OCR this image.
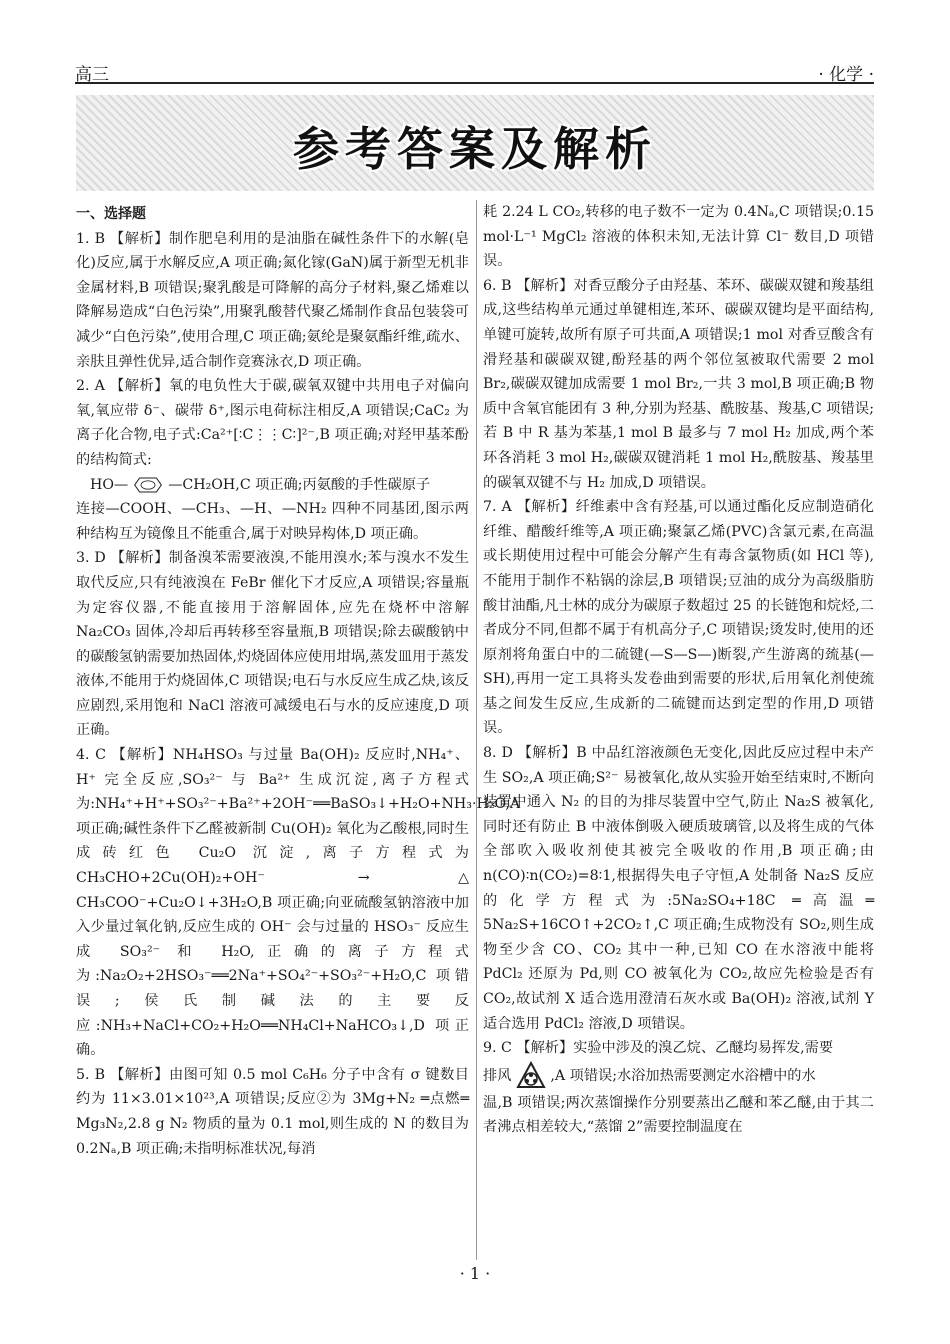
高三	· 化学 ·
参考答案及解析
一、选择题

1. B 【解析】制作肥皂利用的是油脂在碱性条件下的水解(皂化)反应,属于水解反应,A 项正确;氮化镓(GaN)属于新型无机非金属材料,B 项错误;聚乳酸是可降解的高分子材料,聚乙烯难以降解易造成“白色污染”,用聚乳酸替代聚乙烯制作食品包装袋可减少“白色污染”,使用合理,C 项正确;氨纶是聚氨酯纤维,疏水、亲肤且弹性优异,适合制作竞赛泳衣,D 项正确。

2. A 【解析】氧的电负性大于碳,碳氧双键中共用电子对偏向氧,氧应带 δ⁻、碳带 δ⁺,图示电荷标注相反,A 项错误;CaC₂ 为离子化合物,电子式:Ca²⁺[∶C⋮⋮C∶]²⁻,B 项正确;对羟甲基苯酚的结构简式:

HO—	—CH₂OH,C 项正确;丙氨酸的手性碳原子

连接—COOH、—CH₃、—H、—NH₂ 四种不同基团,图示两种结构互为镜像且不能重合,属于对映异构体,D 项正确。

3. D 【解析】制备溴苯需要液溴,不能用溴水;苯与溴水不发生取代反应,只有纯液溴在 FeBr 催化下才反应,A 项错误;容量瓶为定容仪器,不能直接用于溶解固体,应先在烧杯中溶解 Na₂CO₃ 固体,冷却后再转移至容量瓶,B 项错误;除去碳酸钠中的碳酸氢钠需要加热固体,灼烧固体应使用坩埚,蒸发皿用于蒸发液体,不能用于灼烧固体,C 项错误;电石与水反应生成乙炔,该反应剧烈,采用饱和 NaCl 溶液可减缓电石与水的反应速度,D 项正确。

4. C 【解析】NH₄HSO₃ 与过量 Ba(OH)₂ 反应时,NH₄⁺、H⁺ 完全反应,SO₃²⁻ 与 Ba²⁺ 生成沉淀,离子方程式为:NH₄⁺+H⁺+SO₃²⁻+Ba²⁺+2OH⁻══BaSO₃↓+H₂O+NH₃·H₂O,A 项正确;碱性条件下乙醛被新制 Cu(OH)₂ 氧化为乙酸根,同时生成砖红色 Cu₂O 沉淀,离子方程式为 CH₃CHO+2Cu(OH)₂+OH⁻ →△ CH₃COO⁻+Cu₂O↓+3H₂O,B 项正确;向亚硫酸氢钠溶液中加入少量过氧化钠,反应生成的 OH⁻ 会与过量的 HSO₃⁻ 反应生成 SO₃²⁻ 和 H₂O,正确的离子方程式为:Na₂O₂+2HSO₃⁻══2Na⁺+SO₄²⁻+SO₃²⁻+H₂O,C 项错误;侯氏制碱法的主要反应:NH₃+NaCl+CO₂+H₂O══NH₄Cl+NaHCO₃↓,D 项正确。

5. B 【解析】由图可知 0.5 mol C₆H₆ 分子中含有 σ 键数目约为 11×3.01×10²³,A 项错误;反应②为 3Mg+N₂ ═点燃═ Mg₃N₂,2.8 g N₂ 物质的量为 0.1 mol,则生成的 N 的数目为 0.2Nₐ,B 项正确;未指明标准状况,每消

耗 2.24 L CO₂,转移的电子数不一定为 0.4Nₐ,C 项错误;0.15 mol·L⁻¹ MgCl₂ 溶液的体积未知,无法计算 Cl⁻ 数目,D 项错误。

6. B 【解析】对香豆酸分子由羟基、苯环、碳碳双键和羧基组成,这些结构单元通过单键相连,苯环、碳碳双键均是平面结构,单键可旋转,故所有原子可共面,A 项错误;1 mol 对香豆酸含有滑羟基和碳碳双键,酚羟基的两个邻位氢被取代需要 2 mol Br₂,碳碳双键加成需要 1 mol Br₂,一共 3 mol,B 项正确;B 物质中含氧官能团有 3 种,分别为羟基、酰胺基、羧基,C 项错误;若 B 中 R 基为苯基,1 mol B 最多与 7 mol H₂ 加成,两个苯环各消耗 3 mol H₂,碳碳双键消耗 1 mol H₂,酰胺基、羧基里的碳氧双键不与 H₂ 加成,D 项错误。

7. A 【解析】纤维素中含有羟基,可以通过酯化反应制造硝化纤维、醋酸纤维等,A 项正确;聚氯乙烯(PVC)含氯元素,在高温或长期使用过程中可能会分解产生有毒含氯物质(如 HCl 等),不能用于制作不粘锅的涂层,B 项错误;豆油的成分为高级脂肪酸甘油酯,凡士林的成分为碳原子数超过 25 的长链饱和烷烃,二者成分不同,但都不属于有机高分子,C 项错误;烫发时,使用的还原剂将角蛋白中的二硫键(—S—S—)断裂,产生游离的巯基(—SH),再用一定工具将头发卷曲到需要的形状,后用氧化剂使巯基之间发生反应,生成新的二硫键而达到定型的作用,D 项错误。

8. D 【解析】B 中品红溶液颜色无变化,因此反应过程中未产生 SO₂,A 项正确;S²⁻ 易被氧化,故从实验开始至结束时,不断向装置中通入 N₂ 的目的为排尽装置中空气,防止 Na₂S 被氧化,同时还有防止 B 中液体倒吸入硬质玻璃管,以及将生成的气体全部吹入吸收剂使其被完全吸收的作用,B 项正确;由 n(CO)∶n(CO₂)=8∶1,根据得失电子守恒,A 处制备 Na₂S 反应的化学方程式为:5Na₂SO₄+18C ═高温═ 5Na₂S+16CO↑+2CO₂↑,C 项正确;生成物没有 SO₂,则生成物至少含 CO、CO₂ 其中一种,已知 CO 在水溶液中能将 PdCl₂ 还原为 Pd,则 CO 被氧化为 CO₂,故应先检验是否有 CO₂,故试剂 X 适合选用澄清石灰水或 Ba(OH)₂ 溶液,试剂 Y 适合选用 PdCl₂ 溶液,D 项错误。

9. C 【解析】实验中涉及的溴乙烷、乙醚均易挥发,需要

排风	,A 项错误;水浴加热需要测定水浴槽中的水

温,B 项错误;两次蒸馏操作分别要蒸出乙醚和苯乙醚,由于其二者沸点相差较大,“蒸馏 2”需要控制温度在

· 1 ·
